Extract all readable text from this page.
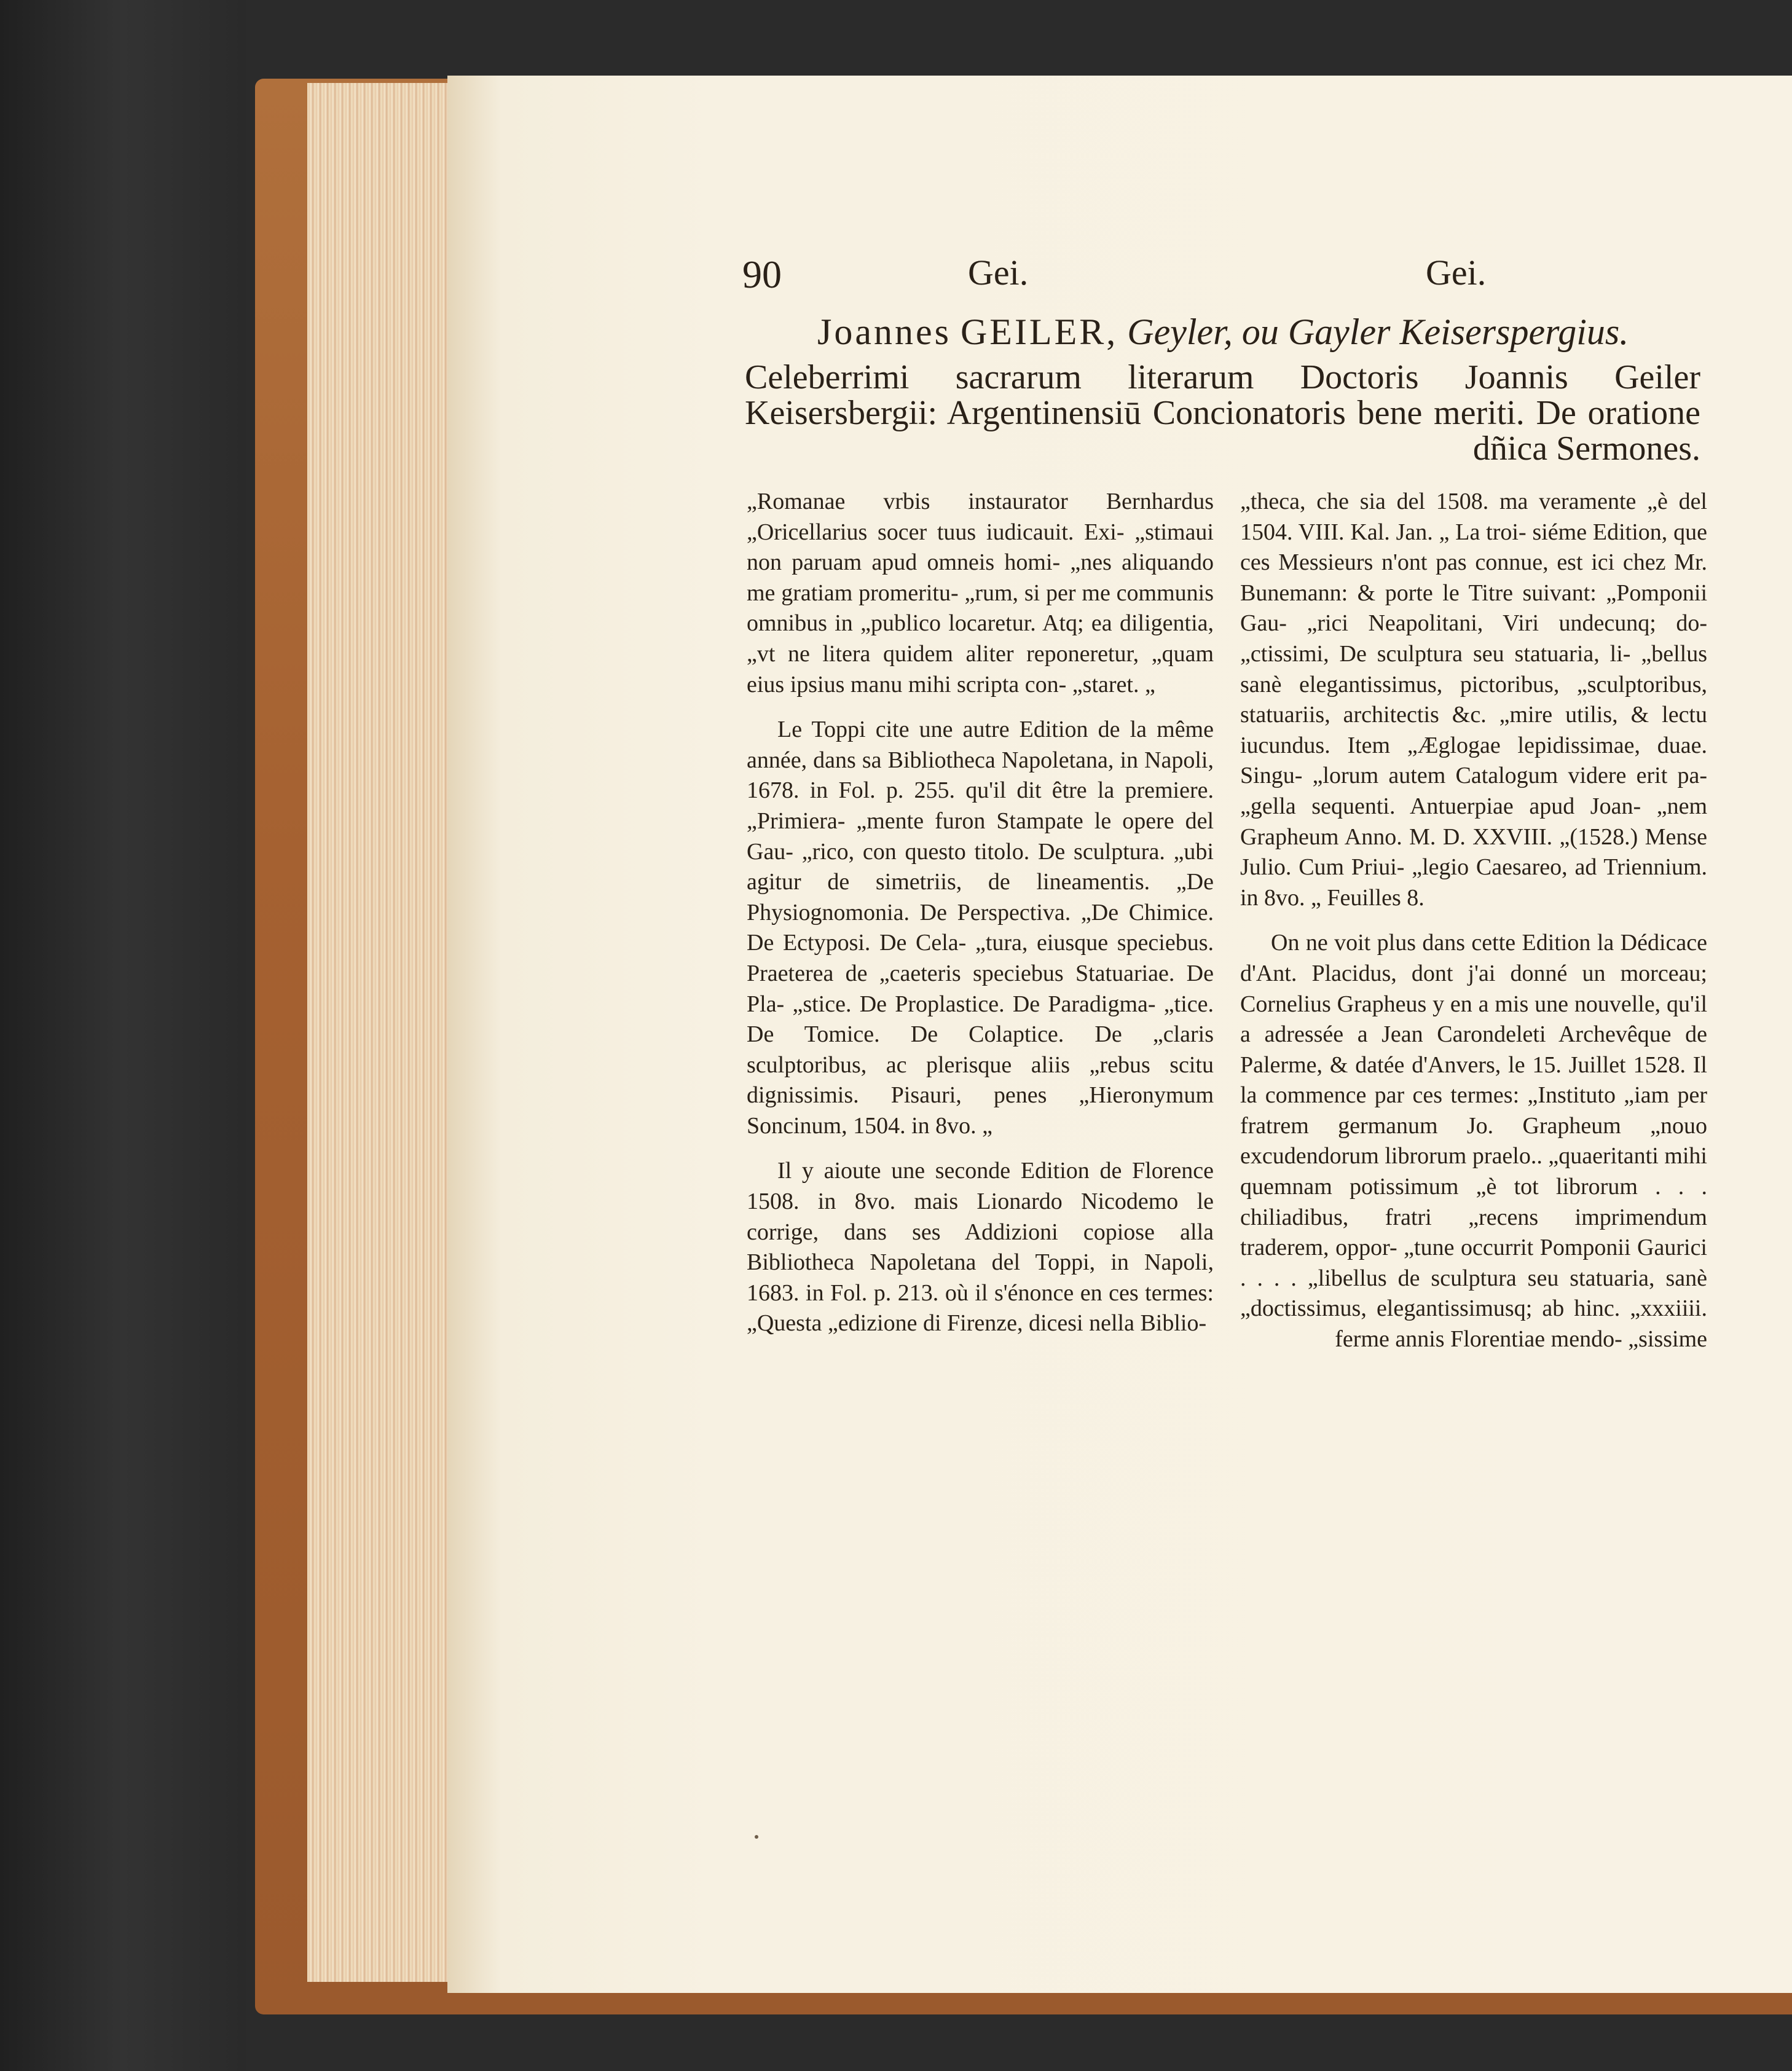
90	Gei.	Gei.
Joannes GEILER, Geyler, ou Gayler Keiserspergius.
Celeberrimi sacrarum literarum Doctoris Joannis Geiler Keisersbergii: Argentinensiū Concionatoris bene meriti. De oratione dñica Sermones.

„Romanae vrbis instaurator Bernhardus „Oricellarius socer tuus iudicauit. Exi- „stimaui non paruam apud omneis homi- „nes aliquando me gratiam promeritu- „rum, si per me communis omnibus in „publico locaretur. Atq; ea diligentia, „vt ne litera quidem aliter reponeretur, „quam eius ipsius manu mihi scripta con- „staret. „

Le Toppi cite une autre Edition de la même année, dans sa Bibliotheca Napoletana, in Napoli, 1678. in Fol. p. 255. qu'il dit être la premiere. „Primiera- „mente furon Stampate le opere del Gau- „rico, con questo titolo. De sculptura. „ubi agitur de simetriis, de lineamentis. „De Physiognomonia. De Perspectiva. „De Chimice. De Ectyposi. De Cela- „tura, eiusque speciebus. Praeterea de „caeteris speciebus Statuariae. De Pla- „stice. De Proplastice. De Paradigma- „tice. De Tomice. De Colaptice. De „claris sculptoribus, ac plerisque aliis „rebus scitu dignissimis. Pisauri, penes „Hieronymum Soncinum, 1504. in 8vo. „

Il y aioute une seconde Edition de Florence 1508. in 8vo. mais Lionardo Nicodemo le corrige, dans ses Addizioni copiose alla Bibliotheca Napoletana del Toppi, in Napoli, 1683. in Fol. p. 213. où il s'énonce en ces termes: „Questa „edizione di Firenze, dicesi nella Biblio-

„theca, che sia del 1508. ma veramente „è del 1504. VIII. Kal. Jan. „ La troi- siéme Edition, que ces Messieurs n'ont pas connue, est ici chez Mr. Bunemann: & porte le Titre suivant: „Pomponii Gau- „rici Neapolitani, Viri undecunq; do- „ctissimi, De sculptura seu statuaria, li- „bellus sanè elegantissimus, pictoribus, „sculptoribus, statuariis, architectis &c. „mire utilis, & lectu iucundus. Item „Æglogae lepidissimae, duae. Singu- „lorum autem Catalogum videre erit pa- „gella sequenti. Antuerpiae apud Joan- „nem Grapheum Anno. M. D. XXVIII. „(1528.) Mense Julio. Cum Priui- „legio Caesareo, ad Triennium. in 8vo. „ Feuilles 8.

On ne voit plus dans cette Edition la Dédicace d'Ant. Placidus, dont j'ai donné un morceau; Cornelius Grapheus y en a mis une nouvelle, qu'il a adressée a Jean Carondeleti Archevêque de Palerme, & datée d'Anvers, le 15. Juillet 1528. Il la commence par ces termes: „Instituto „iam per fratrem germanum Jo. Grapheum „nouo excudendorum librorum praelo.. „quaeritanti mihi quemnam potissimum „è tot librorum . . . chiliadibus, fratri „recens imprimendum traderem, oppor- „tune occurrit Pomponii Gaurici . . . . „libellus de sculptura seu statuaria, sanè „doctissimus, elegantissimusq; ab hinc. „xxxiiii. ferme annis Florentiae mendo- „sissime
